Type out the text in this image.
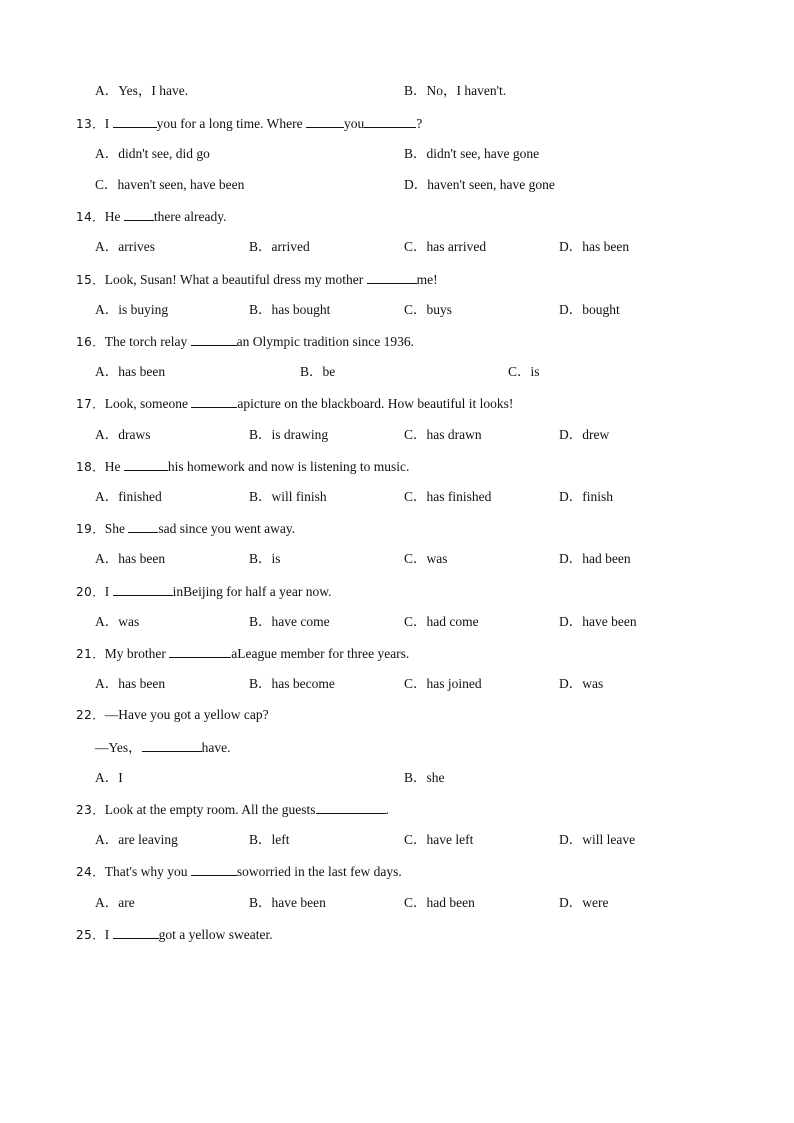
A．Yes，I have.	B．No，I haven't.
13．I	you for a long time. Where	you	?
A．didn't see, did go	B．didn't see, have gone
C．haven't seen, have been	D．haven't seen, have gone
14．He there already.
A．arrives	B．arrived	C．has arrived	D．has been
15．Look, Susan! What a beautiful dress my mother	me!
A．is buying	B．has bought	C．buys	D．bought
16．The torch relay	an Olympic tradition since 1936.
A．has been	B．be	C．is
17．Look, someone	apicture on the blackboard. How beautiful it looks!
A．draws	B．is drawing	C．has drawn	D．drew
18．He	his homework and now is listening to music.
A．finished	B．will finish	C．has finished	D．finish
19．She sad since you went away.
A．has been	B．is	C．was	D．had been
20．I	inBeijing for half a year now.
A．was	B．have come	C．had come	D．have been
21．My brother	aLeague member for three years.
A．has been	B．has become	C．has joined	D．was
22．—Have you got a yellow cap?
—Yes，	have.
A．I	B．she
23．Look at the empty room. All the guests	.
A．are leaving	B．left	C．have left	D．will leave
24．That's why you	soworried in the last few days.
A．are	B．have been	C．had been	D．were
25．I	got a yellow sweater.
